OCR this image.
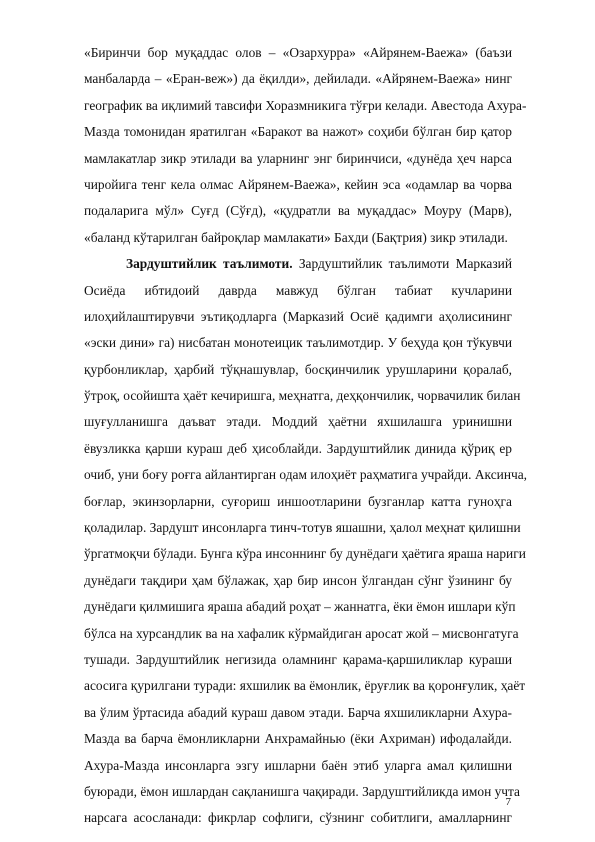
«Биринчи бор муқаддас олов – «Озархурра» «Айрянем-Ваежа» (баъзи
манбаларда – «Еран-веж») да ёқилди», дейилади. «Айрянем-Ваежа» нинг
географик ва иқлимий тавсифи Хоразмникига тўғри келади. Авестода Ахура-
Мазда томонидан яратилган «Баракот ва нажот» соҳиби бўлган бир қатор
мамлакатлар зикр этилади ва уларнинг энг биринчиси, «дунёда ҳеч нарса
чиройига тенг кела олмас Айрянем-Ваежа», кейин эса «одамлар ва чорва
подаларига мўл» Суғд (Сўғд), «қудратли ва муқаддас» Моуру (Марв),
«баланд кўтарилган байроқлар мамлакати» Бахди (Бақтрия) зикр этилади.
Зардуштийлик таълимоти. Зардуштийлик таълимоти Марказий
Осиёда ибтидоий даврда мавжуд бўлган табиат кучларини
илоҳийлаштирувчи эътиқодларга (Марказий Осиё қадимги аҳолисининг
«эски дини» га) нисбатан монотеицик таълимотдир. У беҳуда қон тўкувчи
қурбонликлар, ҳарбий тўқнашувлар, босқинчилик урушларини қоралаб,
ўтроқ, осойишта ҳаёт кечиришга, меҳнатга, деҳқончилик, чорвачилик билан
шуғулланишга даъват этади. Моддий ҳаётни яхшилашга уринишни
ёвузликка қарши кураш деб ҳисоблайди. Зардуштийлик динида қўриқ ер
очиб, уни боғу роғга айлантирган одам илоҳиёт раҳматига учрайди. Аксинча,
боғлар, экинзорларни, суғориш иншоотларини бузганлар катта гуноҳга
қоладилар. Зардушт инсонларга тинч-тотув яшашни, ҳалол меҳнат қилишни
ўргатмоқчи бўлади. Бунга кўра инсоннинг бу дунёдаги ҳаётига яраша нариги
дунёдаги тақдири ҳам бўлажак, ҳар бир инсон ўлгандан сўнг ўзининг бу
дунёдаги қилмишига яраша абадий роҳат – жаннатга, ёки ёмон ишлари кўп
бўлса на хурсандлик ва на хафалик кўрмайдиган аросат жой – мисвонгатуга
тушади. Зардуштийлик негизида оламнинг қарама-қаршиликлар кураши
асосига қурилгани туради: яхшилик ва ёмонлик, ёруғлик ва қоронғулик, ҳаёт
ва ўлим ўртасида абадий кураш давом этади. Барча яхшиликларни Ахура-
Мазда ва барча ёмонликларни Анхрамайнью (ёки Ахриман) ифодалайди.
Ахура-Мазда инсонларга эзгу ишларни баён этиб уларга амал қилишни
буюради, ёмон ишлардан сақланишга чақиради. Зардуштийликда имон учта
нарсага асосланади: фикрлар софлиги, сўзнинг собитлиги, амалларнинг
7
